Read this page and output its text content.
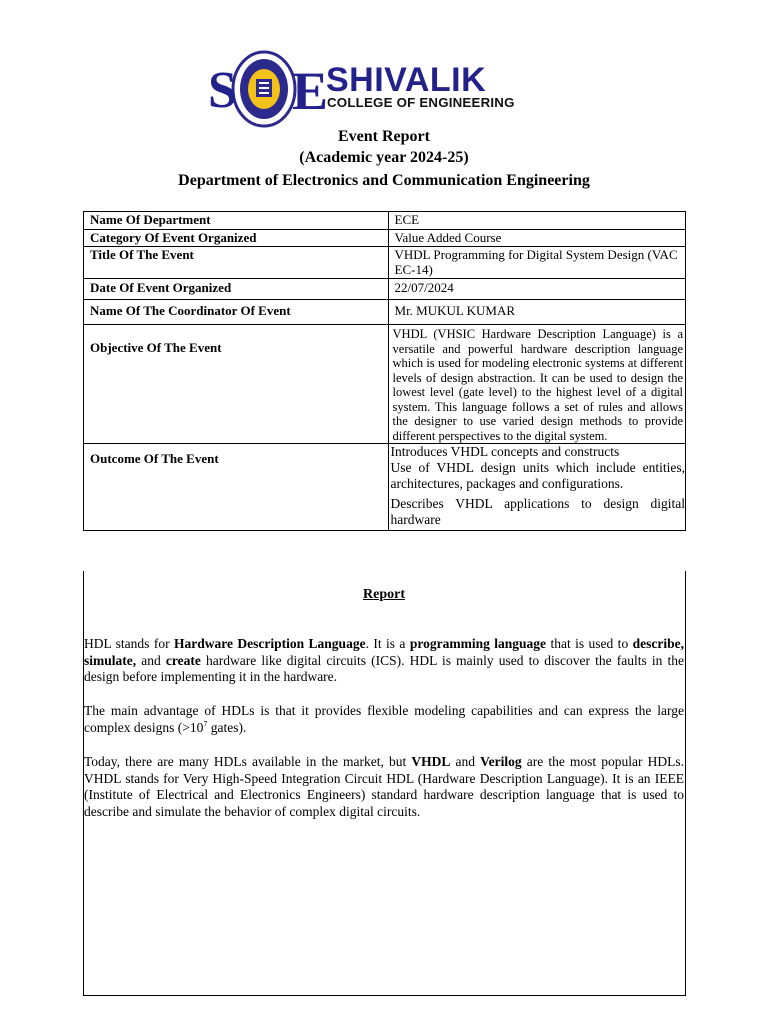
S E
SHIVALIK
COLLEGE OF ENGINEERING
Event Report
(Academic year 2024-25)
Department of Electronics and Communication Engineering
Name Of Department	ECE
Category Of Event Organized	Value Added Course
Title Of The Event	VHDL Programming for Digital System Design (VAC EC-14)
Date Of Event Organized	22/07/2024
Name Of The Coordinator Of Event	Mr. MUKUL KUMAR
Objective Of The Event	VHDL (VHSIC Hardware Description Language) is a versatile and powerful hardware description language which is used for modeling electronic systems at different levels of design abstraction. It can be used to design the lowest level (gate level) to the highest level of a digital system. This language follows a set of rules and allows the designer to use varied design methods to provide different perspectives to the digital system.
Outcome Of The Event	Introduces VHDL concepts and constructs
Use of VHDL design units which include entities, architectures, packages and configurations.
Describes VHDL applications to design digital hardware
Report
HDL stands for Hardware Description Language. It is a programming language that is used to describe, simulate, and create hardware like digital circuits (ICS). HDL is mainly used to discover the faults in the design before implementing it in the hardware.
The main advantage of HDLs is that it provides flexible modeling capabilities and can express the large complex designs ($>10^7$ gates).
Today, there are many HDLs available in the market, but VHDL and Verilog are the most popular HDLs. VHDL stands for Very High-Speed Integration Circuit HDL (Hardware Description Language). It is an IEEE (Institute of Electrical and Electronics Engineers) standard hardware description language that is used to describe and simulate the behavior of complex digital circuits.
